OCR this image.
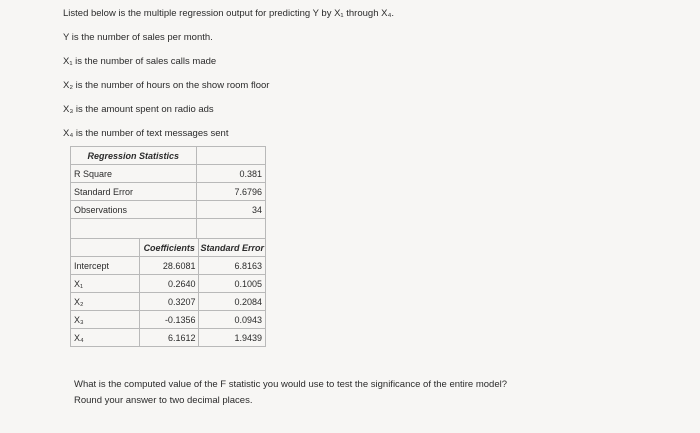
Listed below is the multiple regression output for predicting Y by X₁ through X₄.
Y is the number of sales per month.
X₁ is the number of sales calls made
X₂ is the number of hours on the show room floor
X₃ is the amount spent on radio ads
X₄ is the number of text messages sent
Regression Statistics	
R Square	0.381
Standard Error	7.6796
Observations	34

	Coefficients	Standard Error
Intercept	28.6081	6.8163
X₁	0.2640	0.1005
X₂	0.3207	0.2084
X₃	-0.1356	0.0943
X₄	6.1612	1.9439
What is the computed value of the F statistic you would use to test the significance of the entire model? Round your answer to two decimal places.
